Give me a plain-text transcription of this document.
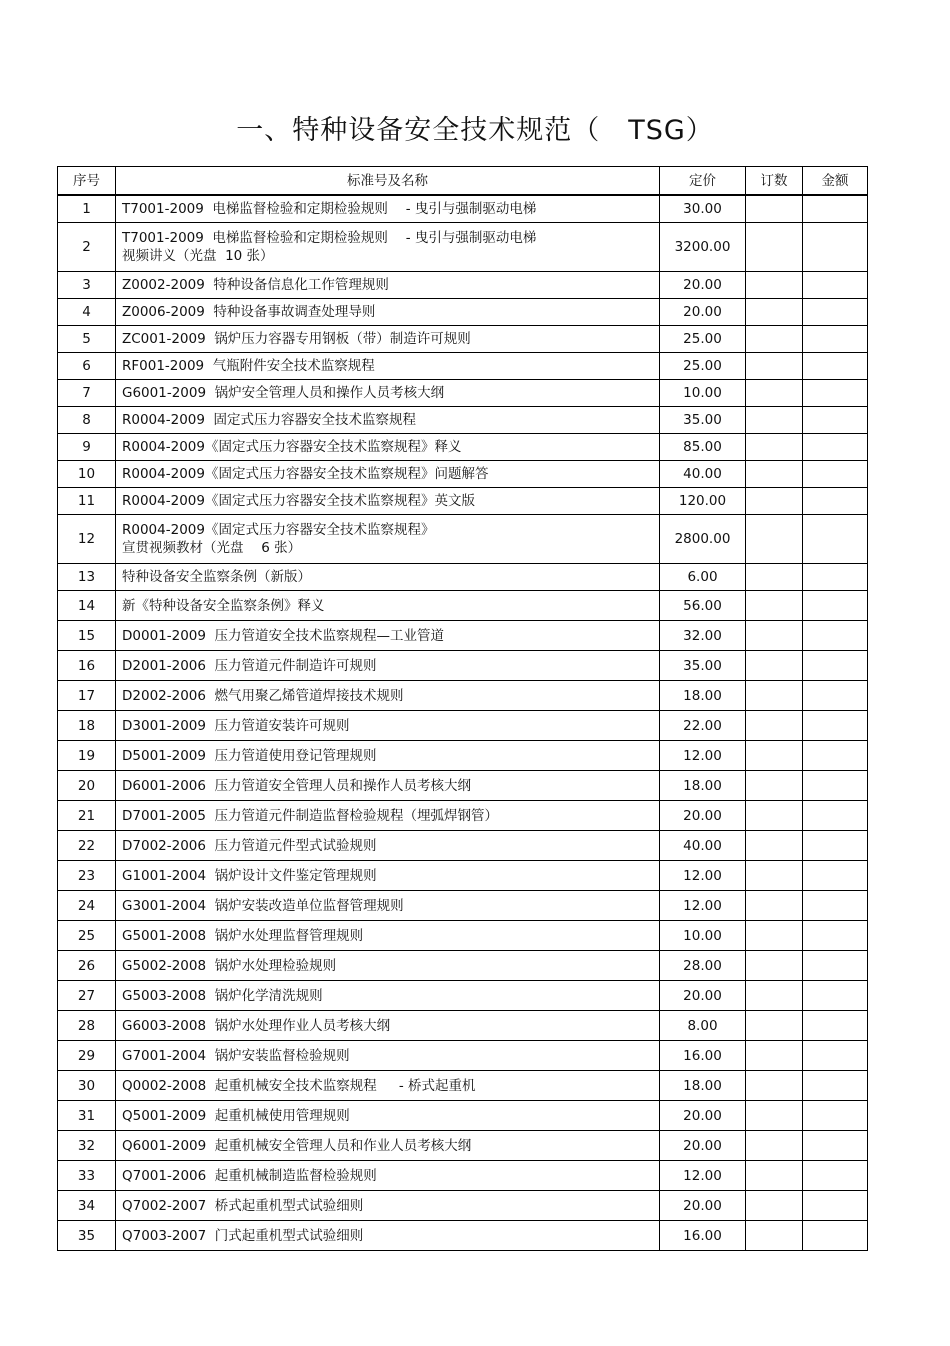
一、特种设备安全技术规范（　TSG）
序号	标准号及名称	定价	订数	金额
1	T7001-2009  电梯监督检验和定期检验规则　 - 曳引与强制驱动电梯	30.00		
2	T7001-2009  电梯监督检验和定期检验规则　 - 曳引与强制驱动电梯
视频讲义（光盘  10 张）	3200.00		
3	Z0002-2009  特种设备信息化工作管理规则	20.00		
4	Z0006-2009  特种设备事故调查处理导则	20.00		
5	ZC001-2009  锅炉压力容器专用钢板（带）制造许可规则	25.00		
6	RF001-2009  气瓶附件安全技术监察规程	25.00		
7	G6001-2009  锅炉安全管理人员和操作人员考核大纲	10.00		
8	R0004-2009  固定式压力容器安全技术监察规程	35.00		
9	R0004-2009《固定式压力容器安全技术监察规程》释义	85.00		
10	R0004-2009《固定式压力容器安全技术监察规程》问题解答	40.00		
11	R0004-2009《固定式压力容器安全技术监察规程》英文版	120.00		
12	R0004-2009《固定式压力容器安全技术监察规程》
宣贯视频教材（光盘　 6 张）	2800.00		
13	特种设备安全监察条例（新版）	6.00		
14	新《特种设备安全监察条例》释义	56.00		
15	D0001-2009  压力管道安全技术监察规程—工业管道	32.00		
16	D2001-2006  压力管道元件制造许可规则	35.00		
17	D2002-2006  燃气用聚乙烯管道焊接技术规则	18.00		
18	D3001-2009  压力管道安装许可规则	22.00		
19	D5001-2009  压力管道使用登记管理规则	12.00		
20	D6001-2006  压力管道安全管理人员和操作人员考核大纲	18.00		
21	D7001-2005  压力管道元件制造监督检验规程（埋弧焊钢管）	20.00		
22	D7002-2006  压力管道元件型式试验规则	40.00		
23	G1001-2004  锅炉设计文件鉴定管理规则	12.00		
24	G3001-2004  锅炉安装改造单位监督管理规则	12.00		
25	G5001-2008  锅炉水处理监督管理规则	10.00		
26	G5002-2008  锅炉水处理检验规则	28.00		
27	G5003-2008  锅炉化学清洗规则	20.00		
28	G6003-2008  锅炉水处理作业人员考核大纲	8.00		
29	G7001-2004  锅炉安装监督检验规则	16.00		
30	Q0002-2008  起重机械安全技术监察规程　  - 桥式起重机	18.00		
31	Q5001-2009  起重机械使用管理规则	20.00		
32	Q6001-2009  起重机械安全管理人员和作业人员考核大纲	20.00		
33	Q7001-2006  起重机械制造监督检验规则	12.00		
34	Q7002-2007  桥式起重机型式试验细则	20.00		
35	Q7003-2007  门式起重机型式试验细则	16.00		
